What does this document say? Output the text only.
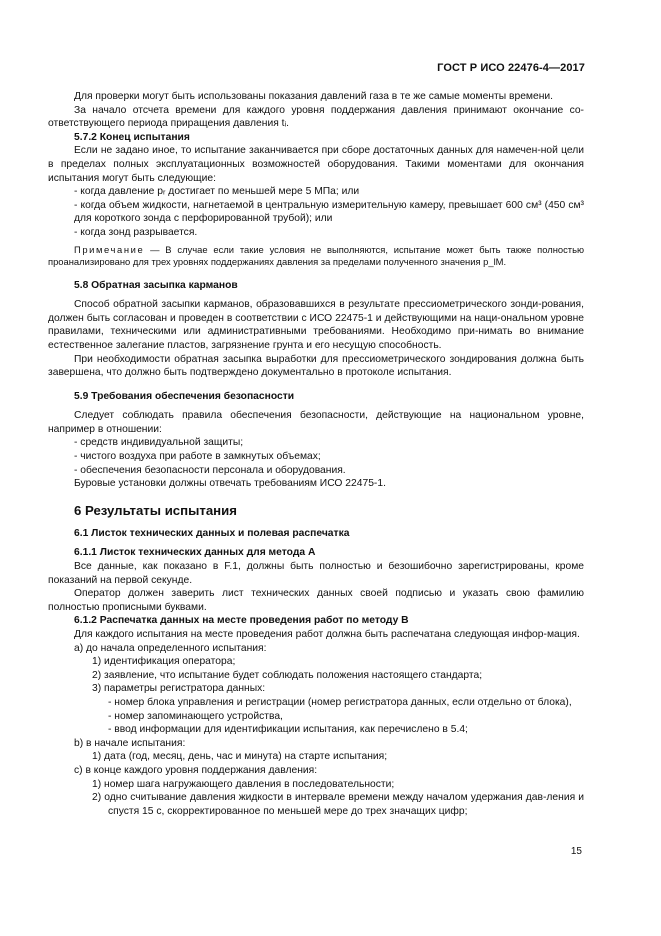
ГОСТ Р ИСО 22476-4—2017

Для проверки могут быть использованы показания давлений газа в те же самые моменты времени.

За начало отсчета времени для каждого уровня поддержания давления принимают окончание со-ответствующего периода приращения давления tᵢ.

5.7.2 Конец испытания

Если не задано иное, то испытание заканчивается при сборе достаточных данных для намечен-ной цели в пределах полных эксплуатационных возможностей оборудования. Такими моментами для окончания испытания могут быть следующие:

- когда давление pᵣ достигает по меньшей мере 5 МПа; или

- когда объем жидкости, нагнетаемой в центральную измерительную камеру, превышает 600 см³ (450 см³ для короткого зонда с перфорированной трубой); или

- когда зонд разрывается.

Примечание — В случае если такие условия не выполняются, испытание может быть также полностью проанализировано для трех уровнях поддержаниях давления за пределами полученного значения p_lM.

5.8 Обратная засыпка карманов

Способ обратной засыпки карманов, образовавшихся в результате прессиометрического зонди-рования, должен быть согласован и проведен в соответствии с ИСО 22475-1 и действующими на наци-ональном уровне правилами, техническими или административными требованиями. Необходимо при-нимать во внимание естественное залегание пластов, загрязнение грунта и его несущую способность.

При необходимости обратная засыпка выработки для прессиометрического зондирования должна быть завершена, что должно быть подтверждено документально в протоколе испытания.

5.9 Требования обеспечения безопасности

Следует соблюдать правила обеспечения безопасности, действующие на национальном уровне, например в отношении:

- средств индивидуальной защиты;

- чистого воздуха при работе в замкнутых объемах;

- обеспечения безопасности персонала и оборудования.

Буровые установки должны отвечать требованиям ИСО 22475-1.

6 Результаты испытания

6.1 Листок технических данных и полевая распечатка

6.1.1 Листок технических данных для метода А

Все данные, как показано в F.1, должны быть полностью и безошибочно зарегистрированы, кроме показаний на первой секунде.

Оператор должен заверить лист технических данных своей подписью и указать свою фамилию полностью прописными буквами.

6.1.2 Распечатка данных на месте проведения работ по методу В

Для каждого испытания на месте проведения работ должна быть распечатана следующая инфор-мация.

a) до начала определенного испытания:

1) идентификация оператора;

2) заявление, что испытание будет соблюдать положения настоящего стандарта;

3) параметры регистратора данных:

- номер блока управления и регистрации (номер регистратора данных, если отдельно от блока),

- номер запоминающего устройства,

- ввод информации для идентификации испытания, как перечислено в 5.4;

b) в начале испытания:

1) дата (год, месяц, день, час и минута) на старте испытания;

c) в конце каждого уровня поддержания давления:

1) номер шага нагружающего давления в последовательности;

2) одно считывание давления жидкости в интервале времени между началом удержания дав-ления и спустя 15 с, скорректированное по меньшей мере до трех значащих цифр;

15
